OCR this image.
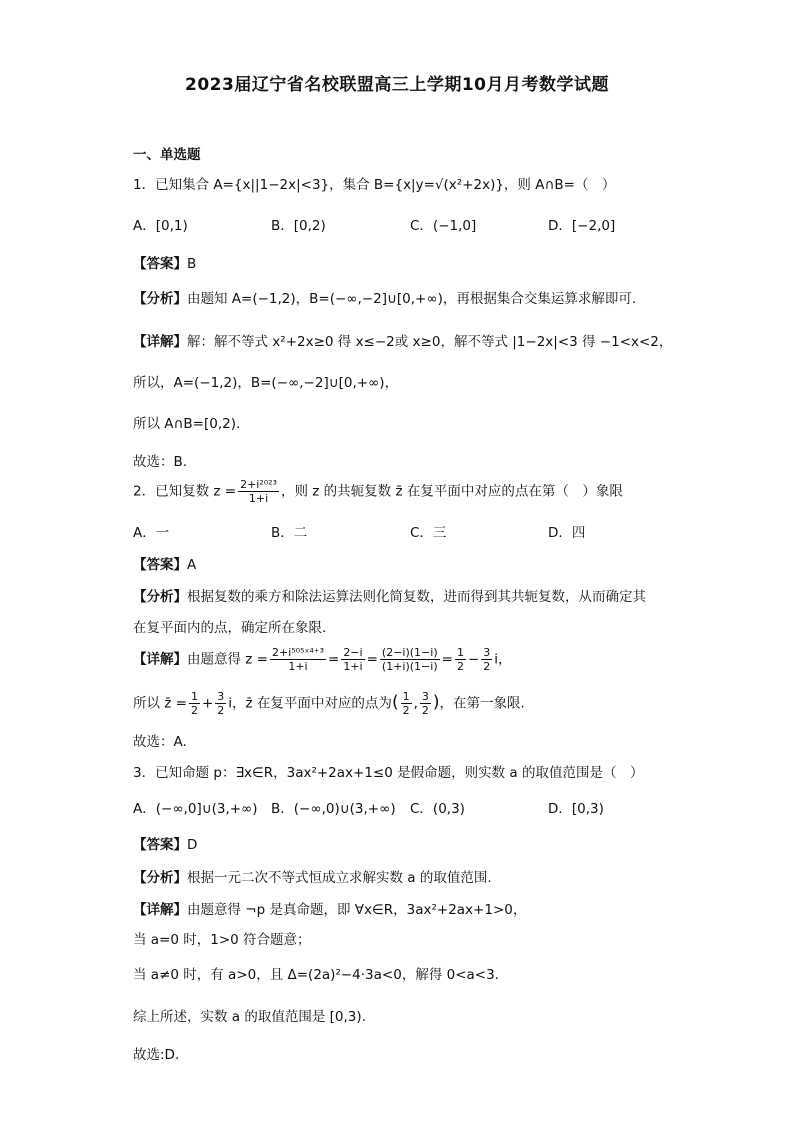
2023届辽宁省名校联盟高三上学期10月月考数学试题
一、单选题
1．已知集合 A={x||1−2x|<3}，集合 B={x|y=√(x²+2x)}，则 A∩B=（　）
A．[0,1)	B．[0,2)	C．(−1,0]	D．[−2,0]
【答案】B
【分析】由题知 A=(−1,2)，B=(−∞,−2]∪[0,+∞)，再根据集合交集运算求解即可.
【详解】解：解不等式 x²+2x≥0 得 x≤−2或 x≥0，解不等式 |1−2x|<3 得 −1<x<2，
所以，A=(−1,2)，B=(−∞,−2]∪[0,+∞)，
所以 A∩B=[0,2).
故选：B.
2．已知复数 $z = \frac{\text{2+i²⁰²³}}{1+i}$ ，则 z 的共轭复数 z̄ 在复平面中对应的点在第（　）象限
A．一	B．二	C．三	D．四
【答案】A
【分析】根据复数的乘方和除法运算法则化简复数，进而得到其共轭复数，从而确定其
在复平面内的点，确定所在象限.
【详解】由题意得 $z = \frac{\text{2+i⁵⁰⁵ˣ⁴⁺³}}{1+i} = \frac{2-i}{1+i} = \frac{(2-i)(1-i)}{(1+i)(1-i)} = \frac{1}{2} - \frac{3}{2}$ i，
所以 z̄ = $\frac{1}{2} + \frac{3}{2}$ i，z̄ 在复平面中对应的点为( $\frac{1}{2}$ , $\frac{3}{2}$ )，在第一象限.
故选：A.
3．已知命题 p：∃x∈R，3ax²+2ax+1≤0 是假命题，则实数 a 的取值范围是（　）
A．(−∞,0]∪(3,+∞) B．(−∞,0)∪(3,+∞) C．(0,3)	D．[0,3)
【答案】D
【分析】根据一元二次不等式恒成立求解实数 a 的取值范围.
【详解】由题意得 ¬p 是真命题，即 ∀x∈R，3ax²+2ax+1>0，
当 a=0 时，1>0 符合题意；
当 a≠0 时，有 a>0，且 Δ=(2a)²−4·3a<0，解得 0<a<3.
综上所述，实数 a 的取值范围是 [0,3).
故选:D.
